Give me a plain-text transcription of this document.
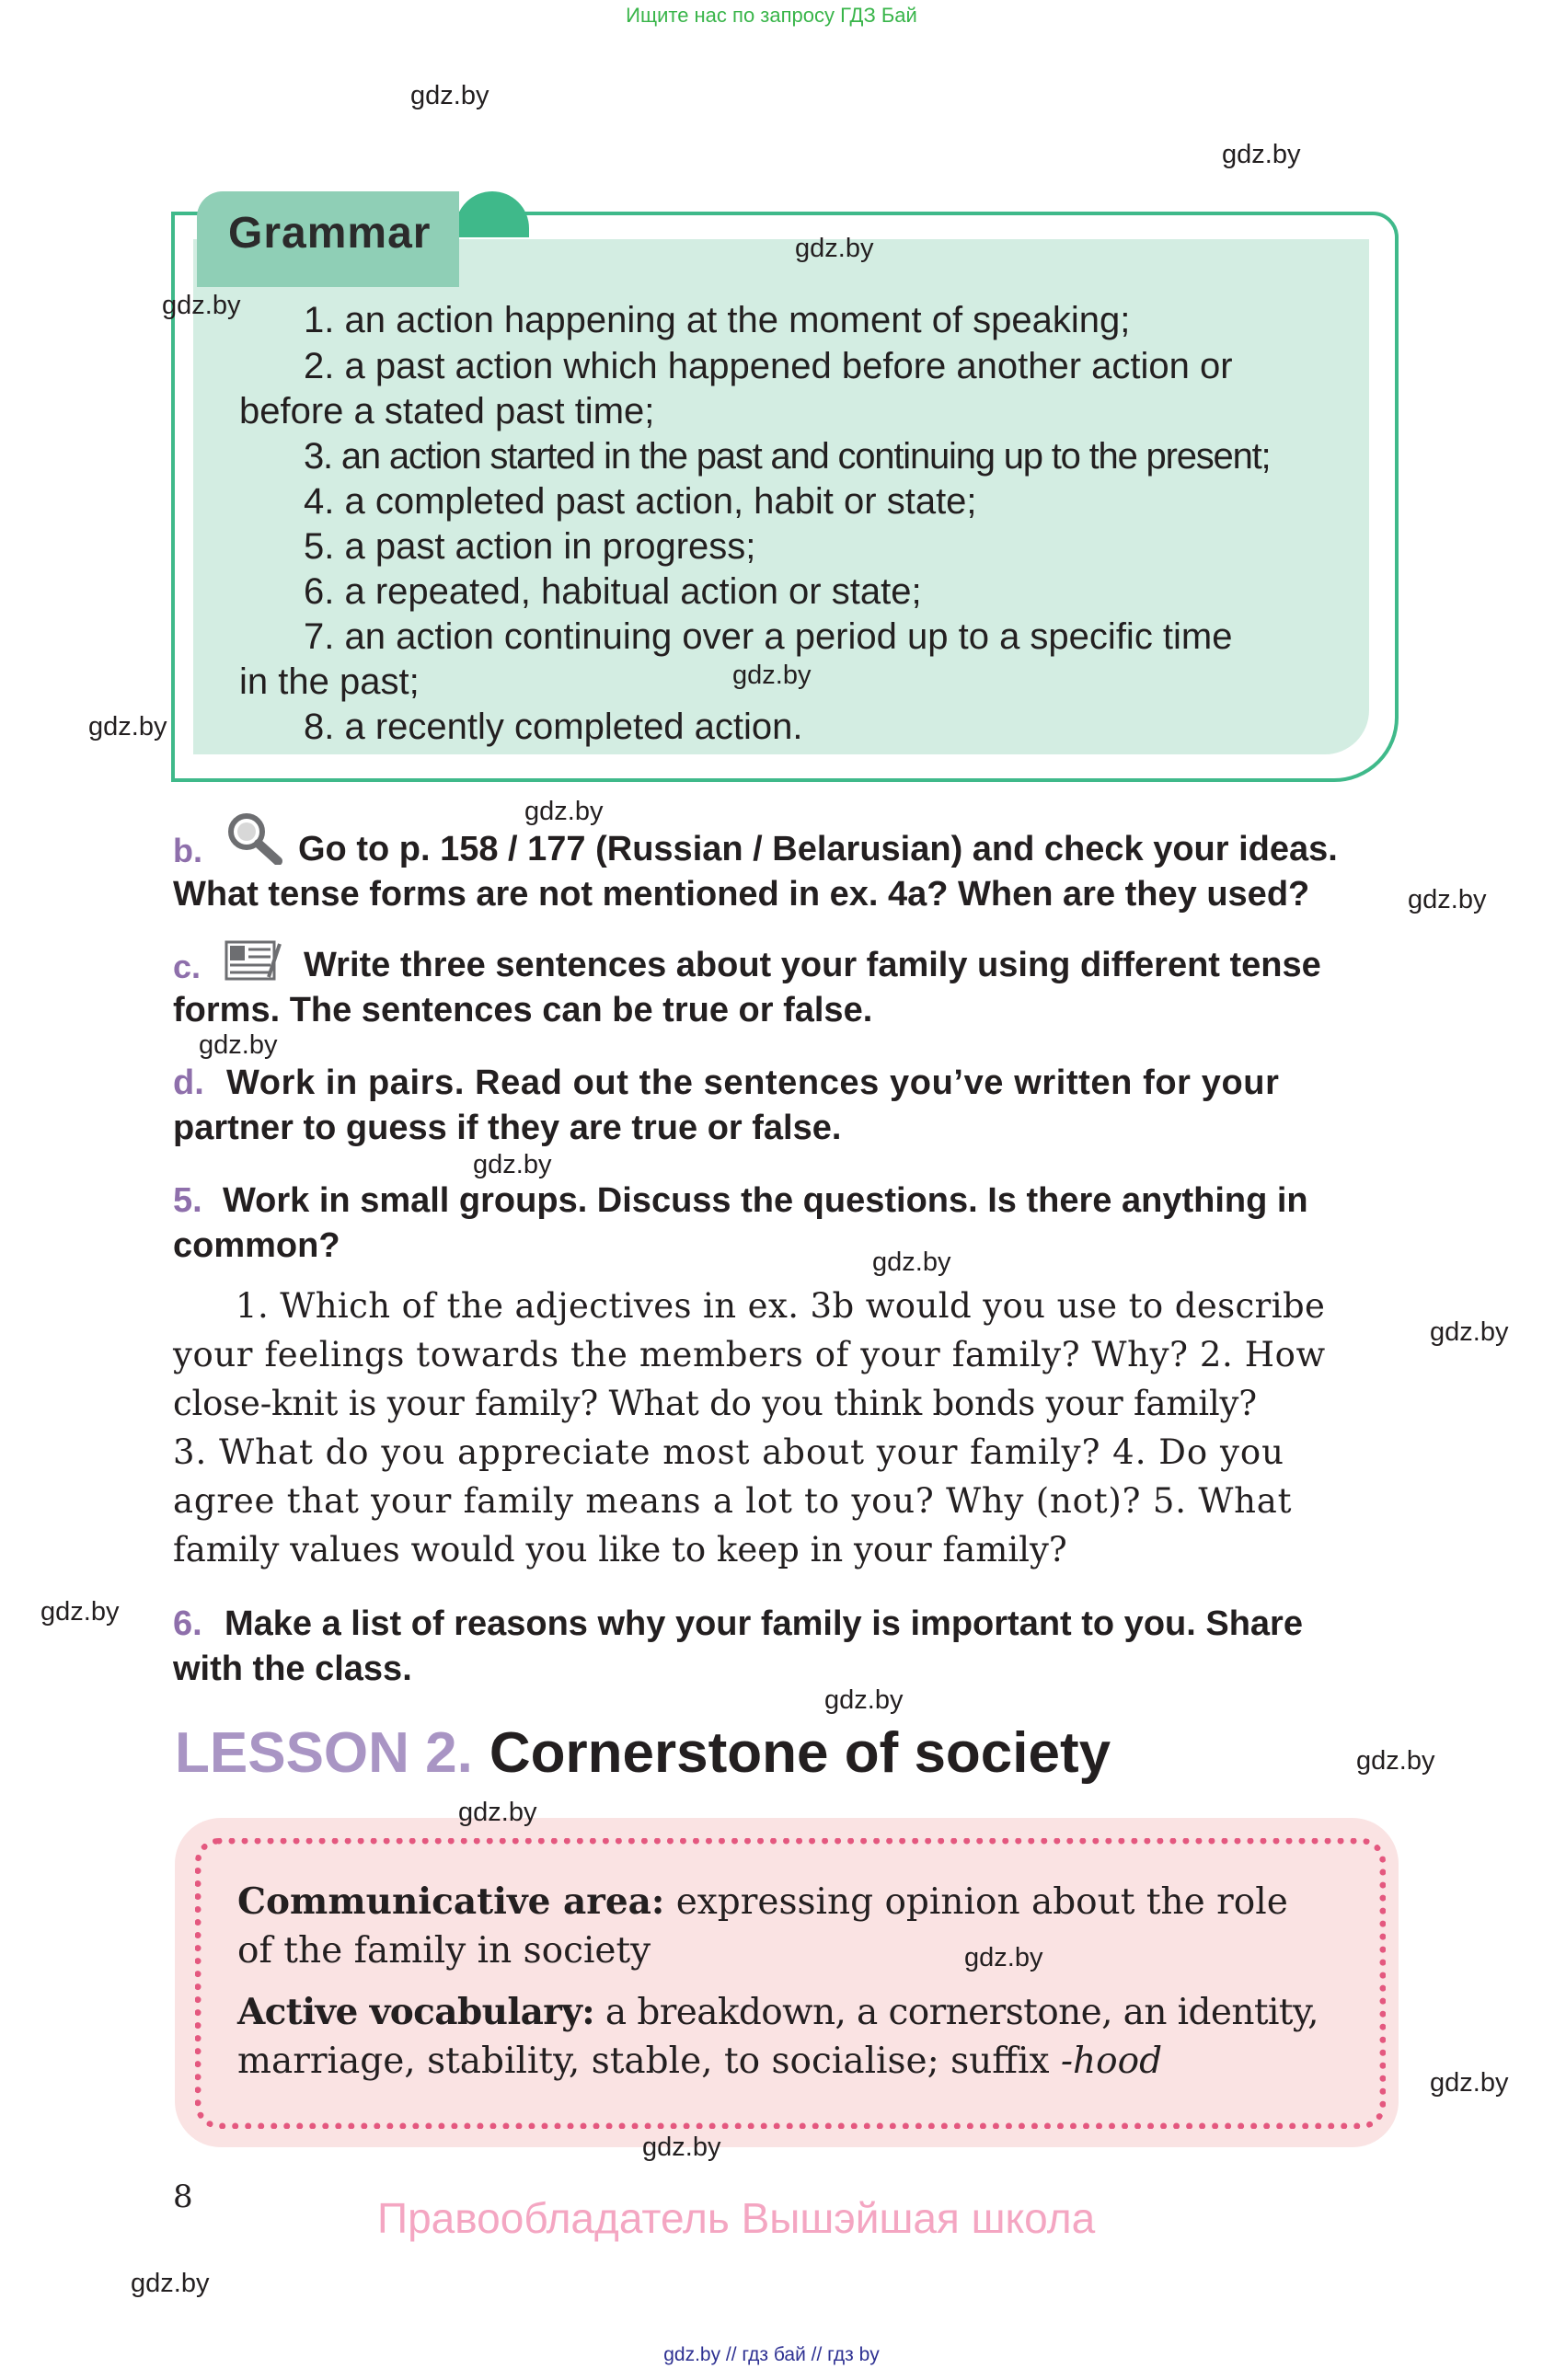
Ищите нас по запросу ГДЗ Бай
gdz.by
gdz.by
gdz.by
gdz.by
gdz.by
gdz.by
gdz.by
gdz.by
gdz.by
gdz.by
gdz.by
gdz.by
gdz.by
gdz.by
gdz.by
gdz.by
gdz.by
gdz.by
gdz.by
gdz.by
Grammar
1. an action happening at the moment of speaking;
2. a past action which happened before another action or
before a stated past time;
3. an action started in the past and continuing up to the present;
4. a completed past action, habit or state;
5. a past action in progress;
6. a repeated, habitual action or state;
7. an action continuing over a period up to a specific time
in the past;
8. a recently completed action.
b.	Go to p. 158 / 177 (Russian / Belarusian) and check your ideas.
What tense forms are not mentioned in ex. 4a? When are they used?
c.	Write three sentences about your family using different tense
forms. The sentences can be true or false.
d. Work in pairs. Read out the sentences you’ve written for your
partner to guess if they are true or false.
5. Work in small groups. Discuss the questions. Is there anything in
common?
1. Which of the adjectives in ex. 3b would you use to describe
your feelings towards the members of your family? Why? 2. How
close-knit is your family? What do you think bonds your family?
3. What do you appreciate most about your family? 4. Do you
agree that your family means a lot to you? Why (not)? 5. What
family values would you like to keep in your family?
6. Make a list of reasons why your family is important to you. Share
with the class.
LESSON 2. Cornerstone of society
Communicative area: expressing opinion about the role
of the family in society
Active vocabulary: a breakdown, a cornerstone, an identity,
marriage, stability, stable, to socialise; suffix -hood
8	Правообладатель Вышэйшая школа
gdz.by // гдз бай // гдз by
